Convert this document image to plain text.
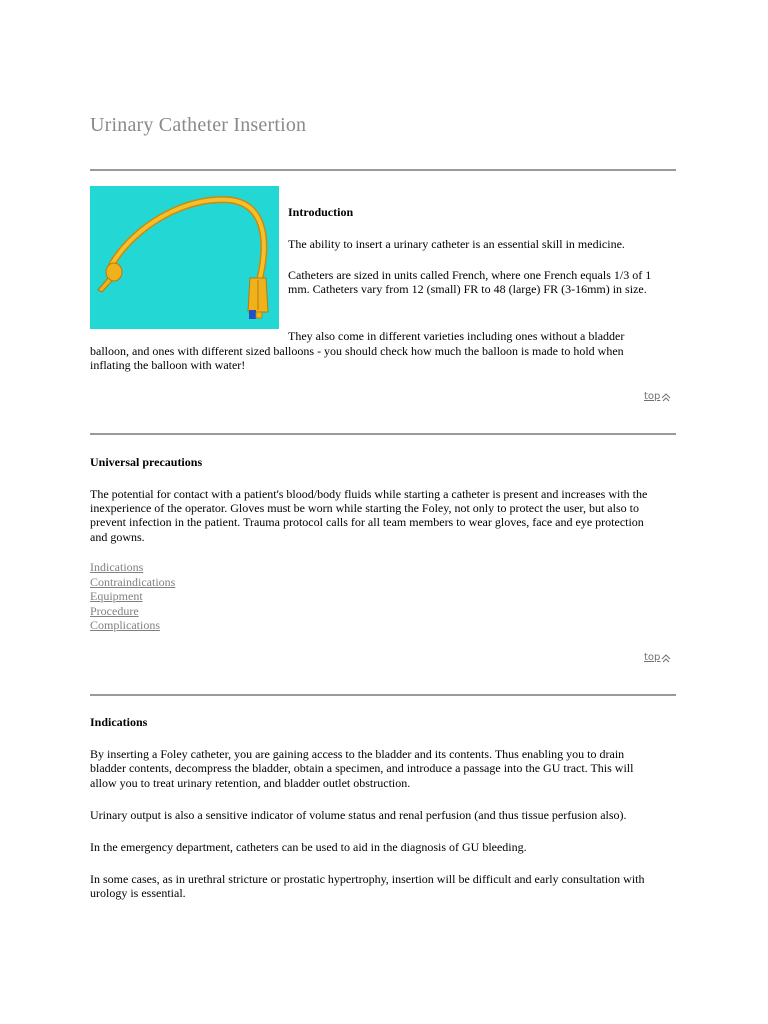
Urinary Catheter Insertion

Introduction

The ability to insert a urinary catheter is an essential skill in medicine.

Catheters are sized in units called French, where one French equals 1/3 of 1

mm. Catheters vary from 12 (small) FR to 48 (large) FR (3-16mm) in size.

They also come in different varieties including ones without a bladder

balloon, and ones with different sized balloons - you should check how much the balloon is made to hold when

inflating the balloon with water!

top

Universal precautions

The potential for contact with a patient's blood/body fluids while starting a catheter is present and increases with the

inexperience of the operator. Gloves must be worn while starting the Foley, not only to protect the user, but also to

prevent infection in the patient. Trauma protocol calls for all team members to wear gloves, face and eye protection

and gowns.

Indications
Contraindications
Equipment
Procedure
Complications
top

Indications

By inserting a Foley catheter, you are gaining access to the bladder and its contents. Thus enabling you to drain

bladder contents, decompress the bladder, obtain a specimen, and introduce a passage into the GU tract. This will

allow you to treat urinary retention, and bladder outlet obstruction.

Urinary output is also a sensitive indicator of volume status and renal perfusion (and thus tissue perfusion also).

In the emergency department, catheters can be used to aid in the diagnosis of GU bleeding.

In some cases, as in urethral stricture or prostatic hypertrophy, insertion will be difficult and early consultation with

urology is essential.
